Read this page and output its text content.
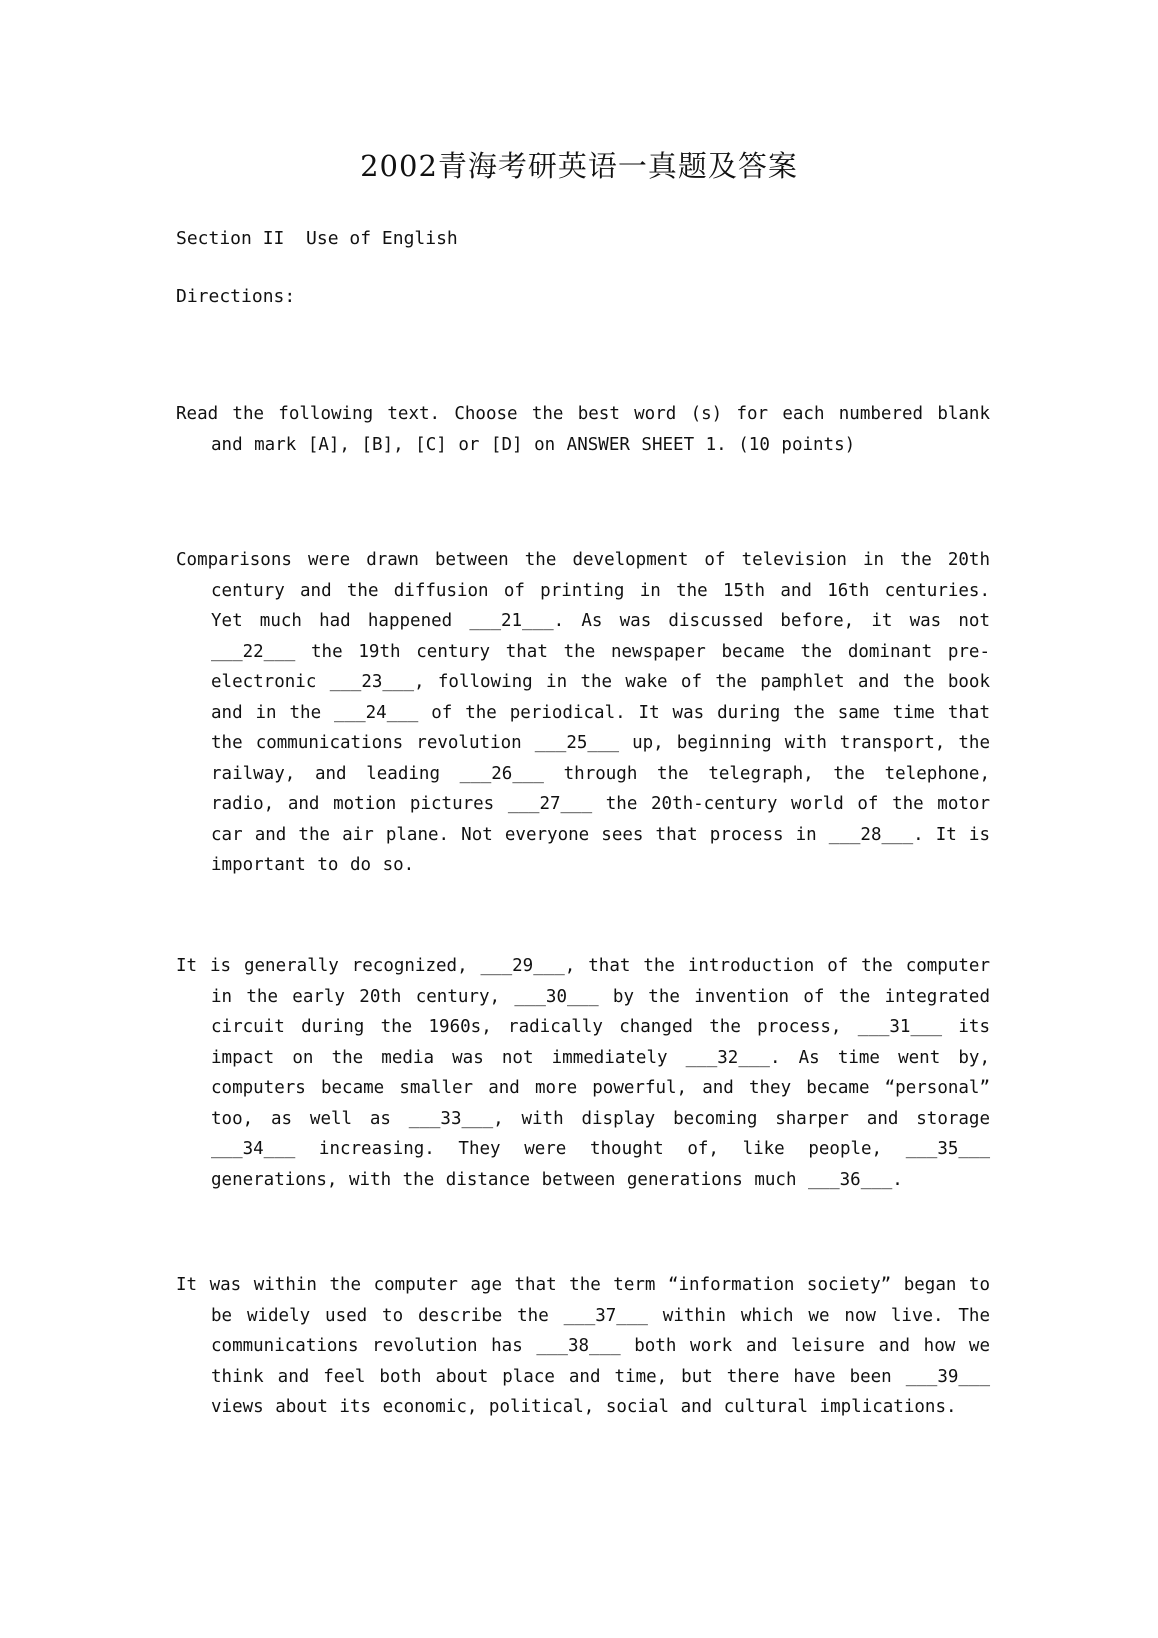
2002青海考研英语一真题及答案
Section II  Use of English
Directions:
Read the following text. Choose the best word (s) for each numbered blank and mark [A], [B], [C] or [D] on ANSWER SHEET 1. (10 points)
Comparisons were drawn between the development of television in the 20th century and the diffusion of printing in the 15th and 16th centuries. Yet much had happened ___21___. As was discussed before, it was not ___22___ the 19th century that the newspaper became the dominant pre-electronic ___23___, following in the wake of the pamphlet and the book and in the ___24___ of the periodical. It was during the same time that the communications revolution ___25___ up, beginning with transport, the railway, and leading ___26___ through the telegraph, the telephone, radio, and motion pictures ___27___ the 20th-century world of the motor car and the air plane. Not everyone sees that process in ___28___. It is important to do so.
It is generally recognized, ___29___, that the introduction of the computer in the early 20th century, ___30___ by the invention of the integrated circuit during the 1960s, radically changed the process, ___31___ its impact on the media was not immediately ___32___. As time went by, computers became smaller and more powerful, and they became “personal” too, as well as ___33___, with display becoming sharper and storage ___34___ increasing. They were thought of, like people, ___35___ generations, with the distance between generations much ___36___.
It was within the computer age that the term “information society” began to be widely used to describe the ___37___ within which we now live. The communications revolution has ___38___ both work and leisure and how we think and feel both about place and time, but there have been ___39___ views about its economic, political, social and cultural implications.
